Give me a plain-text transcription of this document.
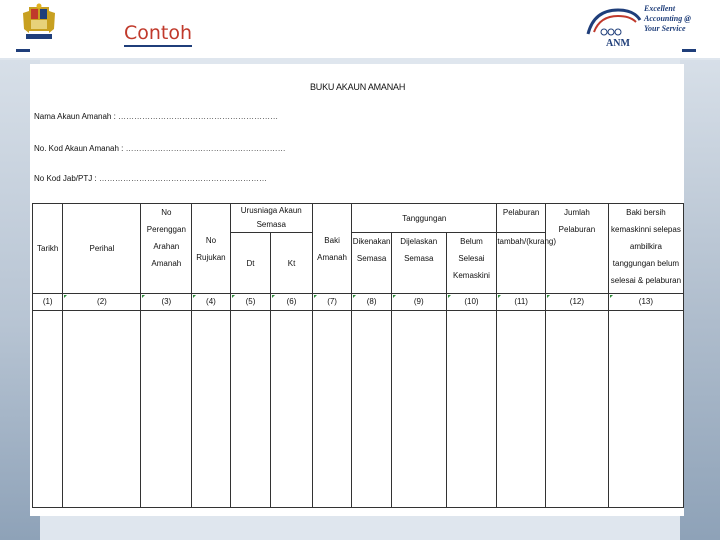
Contoh	ANM
Excellent
Accounting @
Your Service
BUKU AKAUN AMANAH
Nama Akaun Amanah : ……………………………………………………
No. Kod Akaun Amanah : ……………………………………………………
No Kod Jab/PTJ : ………………………………………………………
Tarikh	Perihal	No Perenggan Arahan Amanah	No Rujukan	Urusniaga Akaun Semasa		Baki Amanah	Tanggungan			Pelaburan	Jumlah Pelaburan	Baki bersih kemaskinni selepas ambilkira tanggungan belum selesai & pelaburan
				Dt	Kt		Dikenakan Semasa	Dijelaskan Semasa	Belum Selesai Kemaskini	tambah/(kurang)		
(1)	(2)	(3)	(4)	(5)	(6)	(7)	(8)	(9)	(10)	(11)	(12)	(13)
